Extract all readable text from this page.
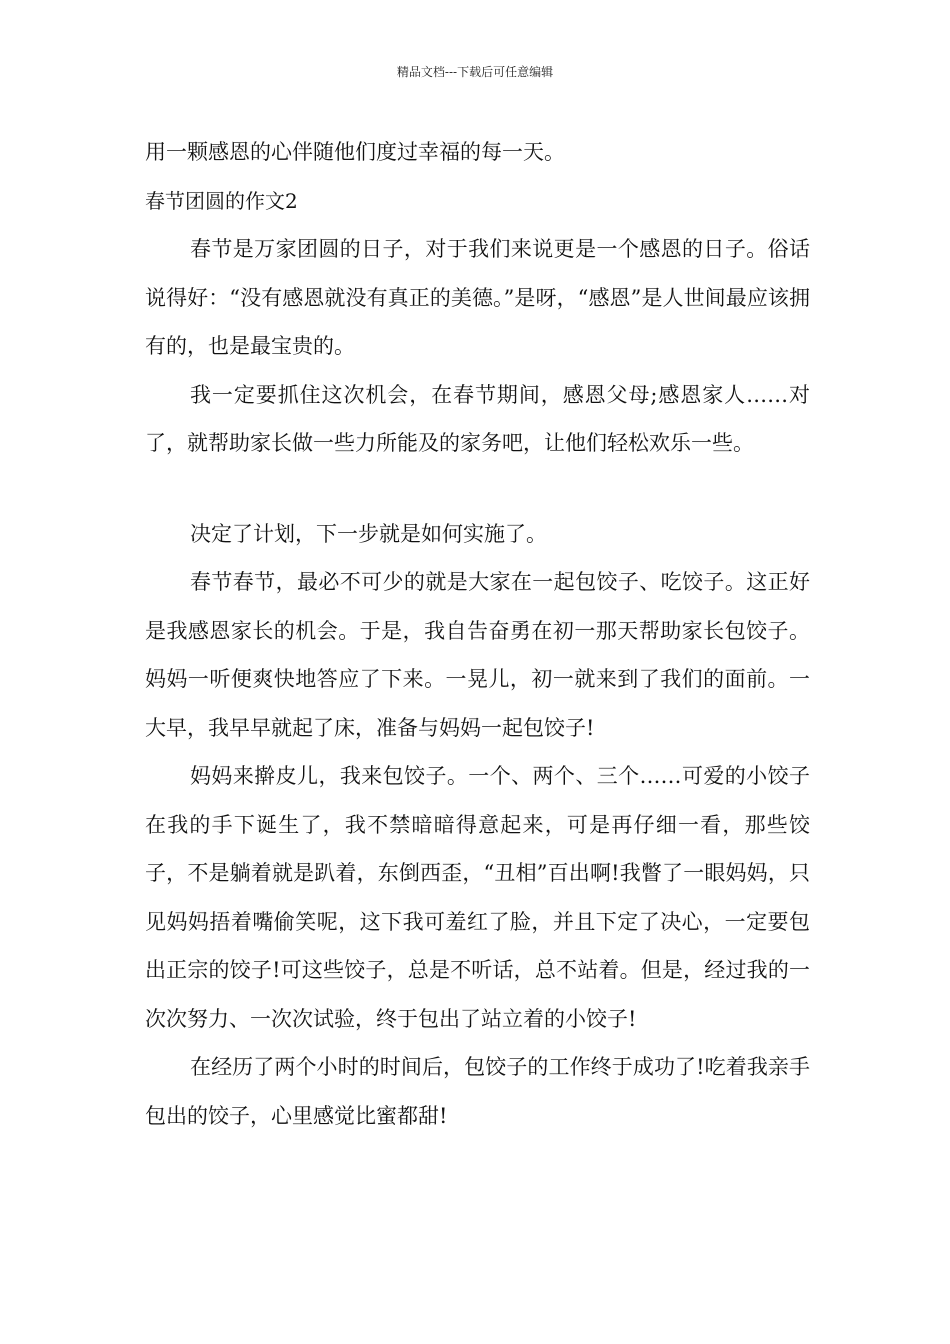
精品文档---下载后可任意编辑

用一颗感恩的心伴随他们度过幸福的每一天。

春节团圆的作文2

春节是万家团圆的日子，对于我们来说更是一个感恩的日子。俗话说得好：“没有感恩就没有真正的美德。”是呀，“感恩”是人世间最应该拥有的，也是最宝贵的。

我一定要抓住这次机会，在春节期间，感恩父母;感恩家人……对了，就帮助家长做一些力所能及的家务吧，让他们轻松欢乐一些。

决定了计划，下一步就是如何实施了。

春节春节，最必不可少的就是大家在一起包饺子、吃饺子。这正好是我感恩家长的机会。于是，我自告奋勇在初一那天帮助家长包饺子。妈妈一听便爽快地答应了下来。一晃儿，初一就来到了我们的面前。一大早，我早早就起了床，准备与妈妈一起包饺子!

妈妈来擀皮儿，我来包饺子。一个、两个、三个……可爱的小饺子在我的手下诞生了，我不禁暗暗得意起来，可是再仔细一看，那些饺子，不是躺着就是趴着，东倒西歪，“丑相”百出啊!我瞥了一眼妈妈，只见妈妈捂着嘴偷笑呢，这下我可羞红了脸，并且下定了决心，一定要包出正宗的饺子!可这些饺子，总是不听话，总不站着。但是，经过我的一次次努力、一次次试验，终于包出了站立着的小饺子!

在经历了两个小时的时间后，包饺子的工作终于成功了!吃着我亲手包出的饺子，心里感觉比蜜都甜!
